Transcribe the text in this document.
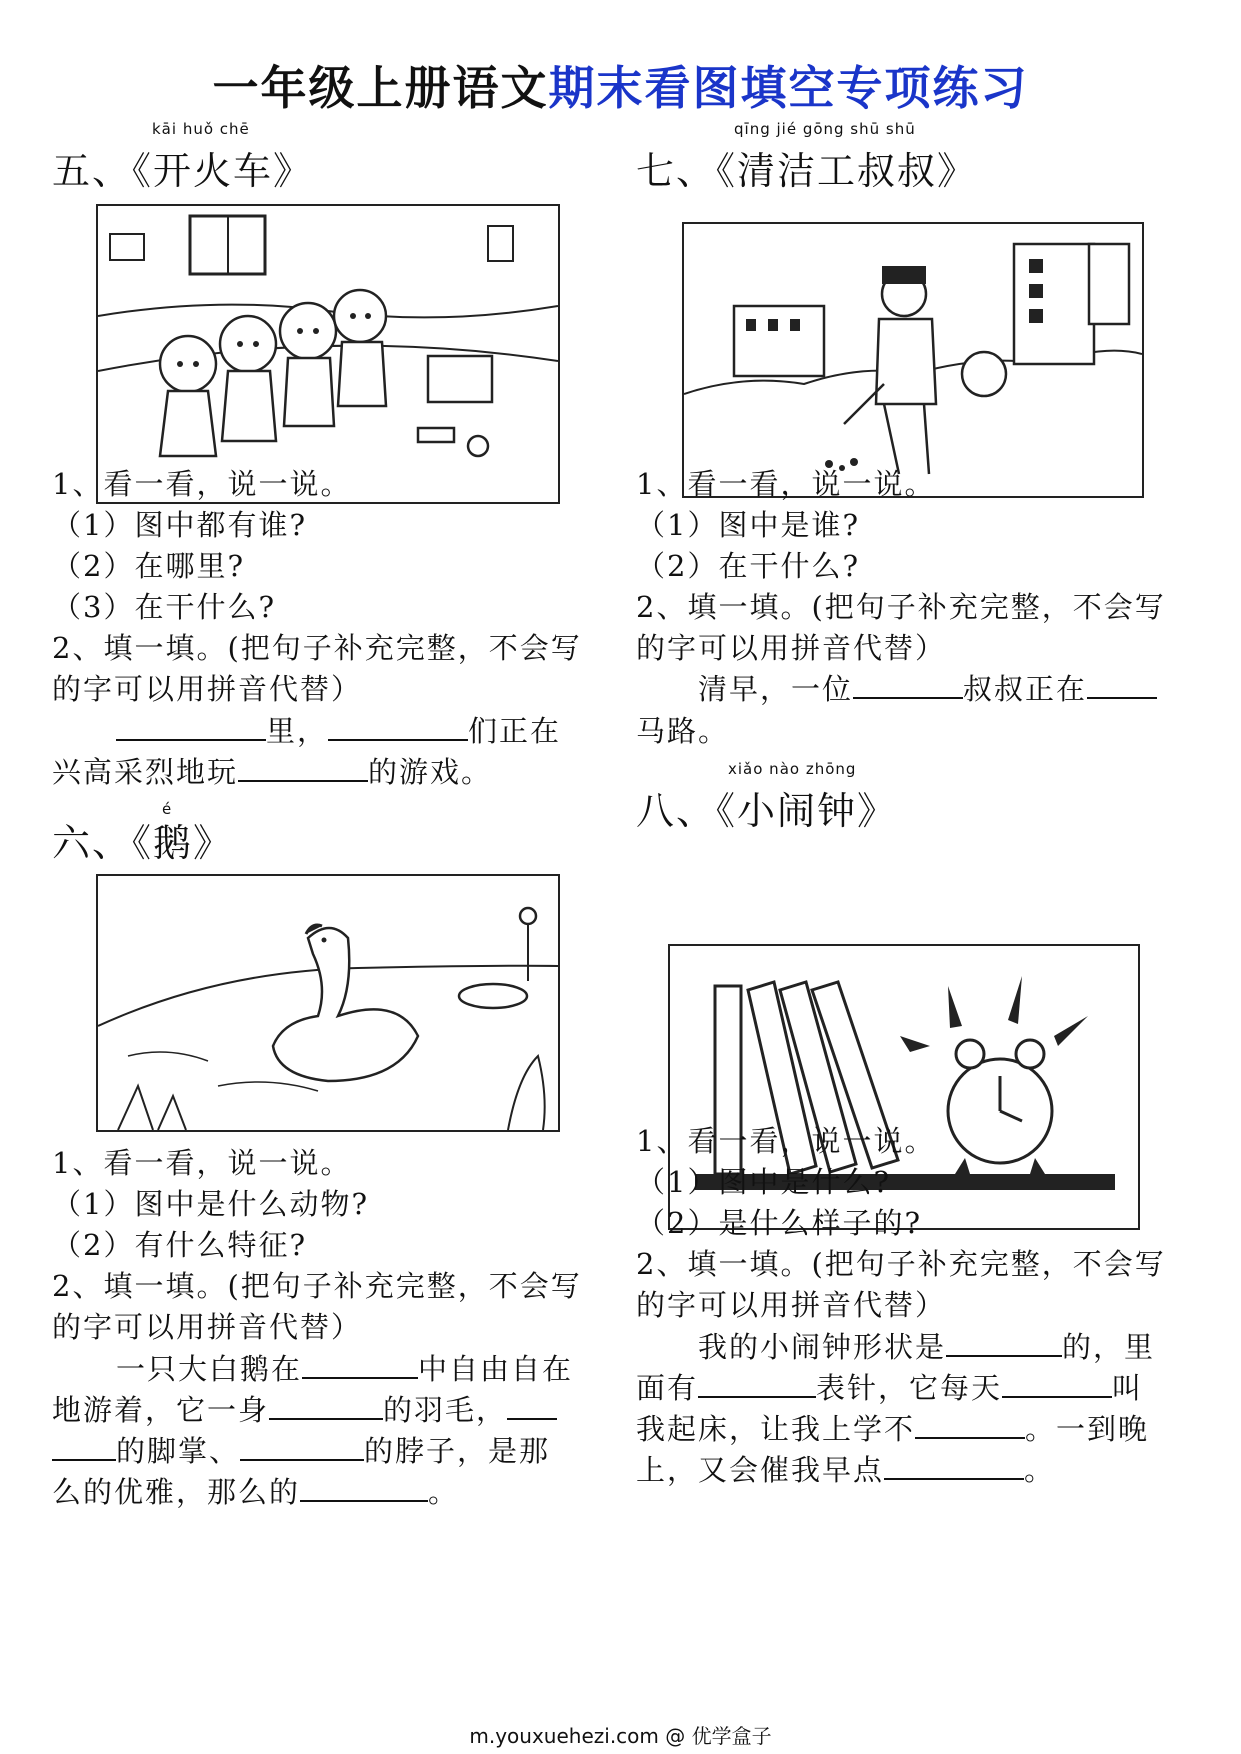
一年级上册语文期末看图填空专项练习
kāi huǒ chē
五、《开火车》
1、看一看，说一说。
（1）图中都有谁?
（2）在哪里?
（3）在干什么?
2、填一填。(把句子补充完整，不会写
的字可以用拼音代替）
里，	们正在
兴高采烈地玩	的游戏。
é
六、《鹅》
1、看一看，说一说。
（1）图中是什么动物?
（2）有什么特征?
2、填一填。(把句子补充完整，不会写
的字可以用拼音代替）
一只大白鹅在	中自由自在
地游着，它一身	的羽毛，
的脚掌、	的脖子，是那
么的优雅，那么的	。
qīng jié gōng shū shū
七、《清洁工叔叔》
1、看一看，说一说。
（1）图中是谁?
（2）在干什么?
2、填一填。(把句子补充完整，不会写
的字可以用拼音代替）
清早，一位	叔叔正在
马路。
xiǎo nào zhōng
八、《小闹钟》
1、看一看，说一说。
（1）图中是什么?
（2）是什么样子的?
2、填一填。(把句子补充完整，不会写
的字可以用拼音代替）
我的小闹钟形状是	的，里
面有	表针，它每天	叫
我起床，让我上学不	。一到晚
上，又会催我早点	。
m.youxuehezi.com @ 优学盒子
